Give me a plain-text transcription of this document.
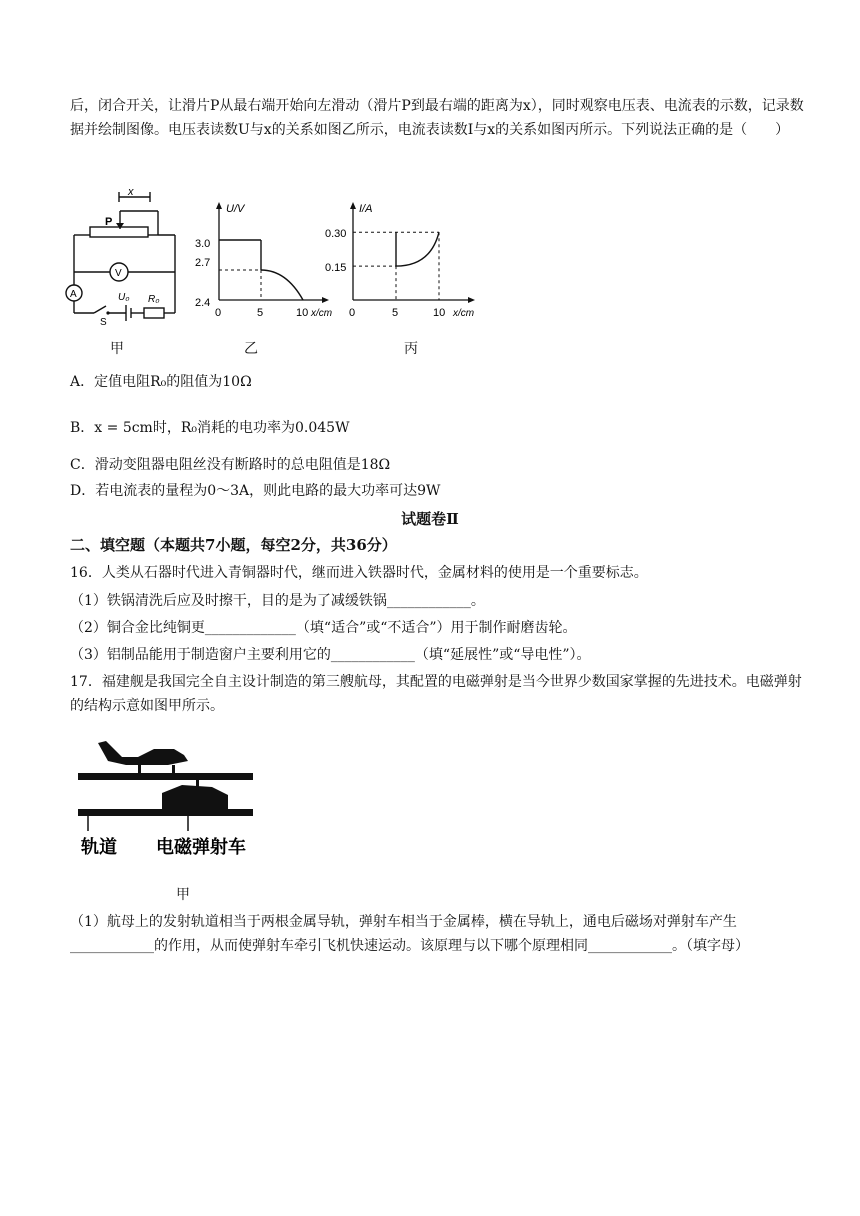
后，闭合开关，让滑片P从最右端开始向左滑动（滑片P到最右端的距离为x），同时观察电压表、电流表的示数，记录数据并绘制图像。电压表读数U与x的关系如图乙所示，电流表读数I与x的关系如图丙所示。下列说法正确的是（　　）

x
P
V
A	U₀ R₀
S
甲
U/V
x/cm
3.0
2.7
2.4
0	5	10
乙
I/A
x/cm
0.30
0.15
0	5	10
丙
A．定值电阻R₀的阻值为10Ω
B．x = 5cm时，R₀消耗的电功率为0.045W
C．滑动变阻器电阻丝没有断路时的总电阻值是18Ω
D．若电流表的量程为0～3A，则此电路的最大功率可达9W
试题卷Ⅱ
二、填空题（本题共7小题，每空2分，共36分）
16．人类从石器时代进入青铜器时代，继而进入铁器时代，金属材料的使用是一个重要标志。
（1）铁锅清洗后应及时擦干，目的是为了减缓铁锅____________。
（2）铜合金比纯铜更_____________（填“适合”或“不适合”）用于制作耐磨齿轮。
（3）铝制品能用于制造窗户主要利用它的____________（填“延展性”或“导电性”）。

17．福建舰是我国完全自主设计制造的第三艘航母，其配置的电磁弹射是当今世界少数国家掌握的先进技术。电磁弹射的结构示意如图甲所示。

轨道 电磁弹射车
甲

（1）航母上的发射轨道相当于两根金属导轨，弹射车相当于金属棒，横在导轨上，通电后磁场对弹射车产生____________的作用，从而使弹射车牵引飞机快速运动。该原理与以下哪个原理相同____________。（填字母）
